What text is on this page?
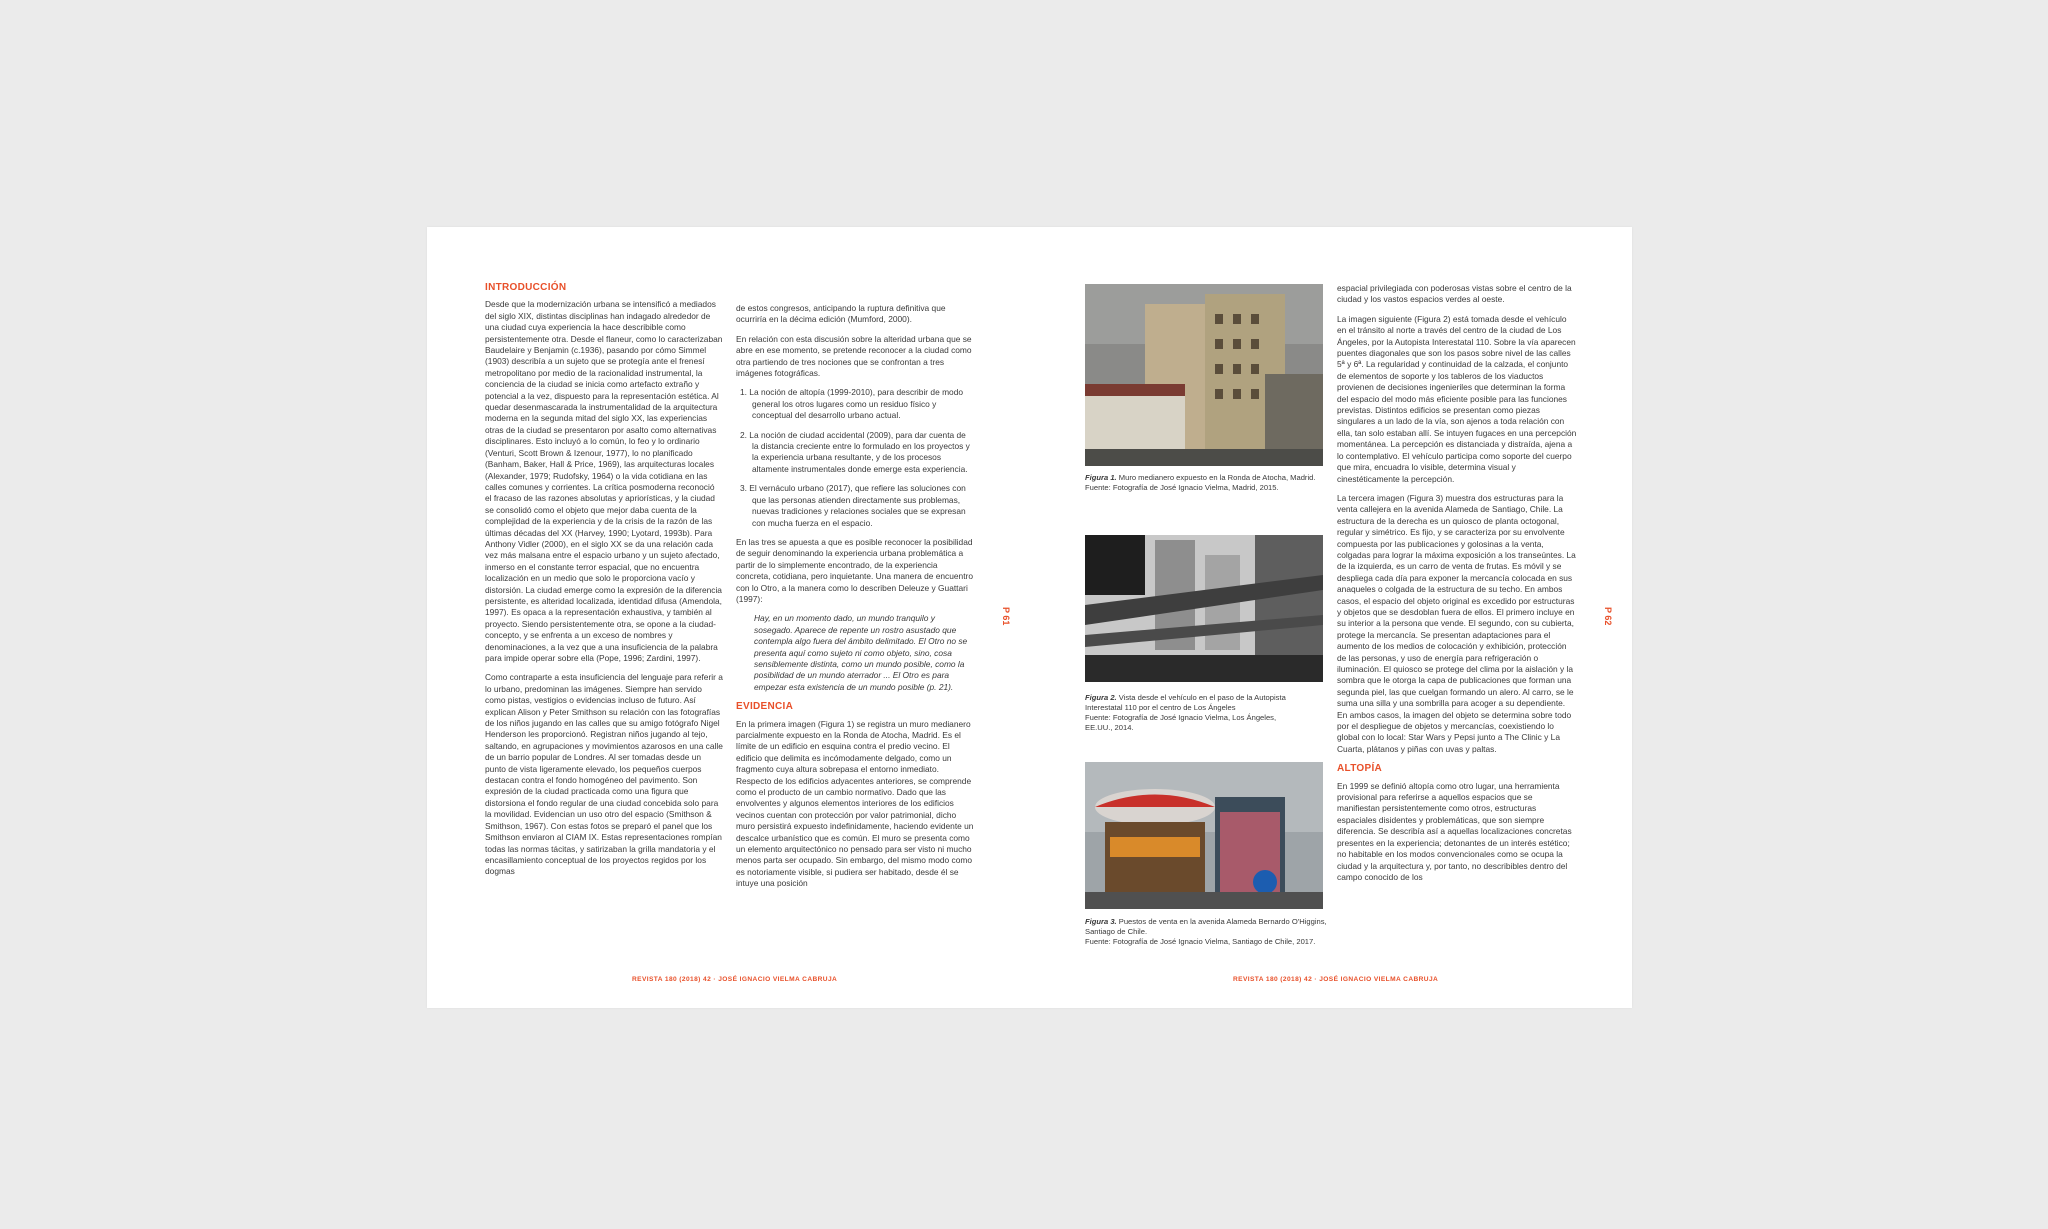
INTRODUCCIÓN

Desde que la modernización urbana se intensificó a mediados del siglo XIX, distintas disciplinas han indagado alrededor de una ciudad cuya experiencia la hace describible como persistentemente otra. Desde el flaneur, como lo caracterizaban Baudelaire y Benjamin (c.1936), pasando por cómo Simmel (1903) describía a un sujeto que se protegía ante el frenesí metropolitano por medio de la racionalidad instrumental, la conciencia de la ciudad se inicia como artefacto extraño y potencial a la vez, dispuesto para la representación estética. Al quedar desenmascarada la instrumentalidad de la arquitectura moderna en la segunda mitad del siglo XX, las experiencias otras de la ciudad se presentaron por asalto como alternativas disciplinares. Esto incluyó a lo común, lo feo y lo ordinario (Venturi, Scott Brown & Izenour, 1977), lo no planificado (Banham, Baker, Hall & Price, 1969), las arquitecturas locales (Alexander, 1979; Rudofsky, 1964) o la vida cotidiana en las calles comunes y corrientes. La crítica posmoderna reconoció el fracaso de las razones absolutas y apriorísticas, y la ciudad se consolidó como el objeto que mejor daba cuenta de la complejidad de la experiencia y de la crisis de la razón de las últimas décadas del XX (Harvey, 1990; Lyotard, 1993b). Para Anthony Vidler (2000), en el siglo XX se da una relación cada vez más malsana entre el espacio urbano y un sujeto afectado, inmerso en el constante terror espacial, que no encuentra localización en un medio que solo le proporciona vacío y distorsión. La ciudad emerge como la expresión de la diferencia persistente, es alteridad localizada, identidad difusa (Amendola, 1997). Es opaca a la representación exhaustiva, y también al proyecto. Siendo persistentemente otra, se opone a la ciudad-concepto, y se enfrenta a un exceso de nombres y denominaciones, a la vez que a una insuficiencia de la palabra para impide operar sobre ella (Pope, 1996; Zardini, 1997).

Como contraparte a esta insuficiencia del lenguaje para referir a lo urbano, predominan las imágenes. Siempre han servido como pistas, vestigios o evidencias incluso de futuro. Así explican Alison y Peter Smithson su relación con las fotografías de los niños jugando en las calles que su amigo fotógrafo Nigel Henderson les proporcionó. Registran niños jugando al tejo, saltando, en agrupaciones y movimientos azarosos en una calle de un barrio popular de Londres. Al ser tomadas desde un punto de vista ligeramente elevado, los pequeños cuerpos destacan contra el fondo homogéneo del pavimento. Son expresión de la ciudad practicada como una figura que distorsiona el fondo regular de una ciudad concebida solo para la movilidad. Evidencian un uso otro del espacio (Smithson & Smithson, 1967). Con estas fotos se preparó el panel que los Smithson enviaron al CIAM IX. Estas representaciones rompían todas las normas tácitas, y satirizaban la grilla mandatoria y el encasillamiento conceptual de los proyectos regidos por los dogmas

de estos congresos, anticipando la ruptura definitiva que ocurriría en la décima edición (Mumford, 2000).

En relación con esta discusión sobre la alteridad urbana que se abre en ese momento, se pretende reconocer a la ciudad como otra partiendo de tres nociones que se confrontan a tres imágenes fotográficas.

1. La noción de altopía (1999-2010), para describir de modo general los otros lugares como un residuo físico y conceptual del desarrollo urbano actual.

2. La noción de ciudad accidental (2009), para dar cuenta de la distancia creciente entre lo formulado en los proyectos y la experiencia urbana resultante, y de los procesos altamente instrumentales donde emerge esta experiencia.

3. El vernáculo urbano (2017), que refiere las soluciones con que las personas atienden directamente sus problemas, nuevas tradiciones y relaciones sociales que se expresan con mucha fuerza en el espacio.

En las tres se apuesta a que es posible reconocer la posibilidad de seguir denominando la experiencia urbana problemática a partir de lo simplemente encontrado, de la experiencia concreta, cotidiana, pero inquietante. Una manera de encuentro con lo Otro, a la manera como lo describen Deleuze y Guattari (1997):

Hay, en un momento dado, un mundo tranquilo y sosegado. Aparece de repente un rostro asustado que contempla algo fuera del ámbito delimitado. El Otro no se presenta aquí como sujeto ni como objeto, sino, cosa sensiblemente distinta, como un mundo posible, como la posibilidad de un mundo aterrador ... El Otro es para empezar esta existencia de un mundo posible (p. 21).

EVIDENCIA

En la primera imagen (Figura 1) se registra un muro medianero parcialmente expuesto en la Ronda de Atocha, Madrid. Es el límite de un edificio en esquina contra el predio vecino. El edificio que delimita es incómodamente delgado, como un fragmento cuya altura sobrepasa el entorno inmediato. Respecto de los edificios adyacentes anteriores, se comprende como el producto de un cambio normativo. Dado que las envolventes y algunos elementos interiores de los edificios vecinos cuentan con protección por valor patrimonial, dicho muro persistirá expuesto indefinidamente, haciendo evidente un descalce urbanístico que es común. El muro se presenta como un elemento arquitectónico no pensado para ser visto ni mucho menos parta ser ocupado. Sin embargo, del mismo modo como es notoriamente visible, si pudiera ser habitado, desde él se intuye una posición

P 61
REVISTA 180 (2018) 42 · JOSÉ IGNACIO VIELMA CABRUJA
Figura 1. Muro medianero expuesto en la Ronda de Atocha, Madrid.
Fuente: Fotografía de José Ignacio Vielma, Madrid, 2015.
Figura 2. Vista desde el vehículo en el paso de la Autopista Interestatal 110 por el centro de Los Ángeles
Fuente: Fotografía de José Ignacio Vielma, Los Ángeles, EE.UU., 2014.
Figura 3. Puestos de venta en la avenida Alameda Bernardo O'Higgins, Santiago de Chile.
Fuente: Fotografía de José Ignacio Vielma, Santiago de Chile, 2017.

espacial privilegiada con poderosas vistas sobre el centro de la ciudad y los vastos espacios verdes al oeste.

La imagen siguiente (Figura 2) está tomada desde el vehículo en el tránsito al norte a través del centro de la ciudad de Los Ángeles, por la Autopista Interestatal 110. Sobre la vía aparecen puentes diagonales que son los pasos sobre nivel de las calles 5ª y 6ª. La regularidad y continuidad de la calzada, el conjunto de elementos de soporte y los tableros de los viaductos provienen de decisiones ingenieriles que determinan la forma del espacio del modo más eficiente posible para las funciones previstas. Distintos edificios se presentan como piezas singulares a un lado de la vía, son ajenos a toda relación con ella, tan solo estaban allí. Se intuyen fugaces en una percepción momentánea. La percepción es distanciada y distraída, ajena a lo contemplativo. El vehículo participa como soporte del cuerpo que mira, encuadra lo visible, determina visual y cinestéticamente la percepción.

La tercera imagen (Figura 3) muestra dos estructuras para la venta callejera en la avenida Alameda de Santiago, Chile. La estructura de la derecha es un quiosco de planta octogonal, regular y simétrico. Es fijo, y se caracteriza por su envolvente compuesta por las publicaciones y golosinas a la venta, colgadas para lograr la máxima exposición a los transeúntes. La de la izquierda, es un carro de venta de frutas. Es móvil y se despliega cada día para exponer la mercancía colocada en sus anaqueles o colgada de la estructura de su techo. En ambos casos, el espacio del objeto original es excedido por estructuras y objetos que se desdoblan fuera de ellos. El primero incluye en su interior a la persona que vende. El segundo, con su cubierta, protege la mercancía. Se presentan adaptaciones para el aumento de los medios de colocación y exhibición, protección de las personas, y uso de energía para refrigeración o iluminación. El quiosco se protege del clima por la aislación y la sombra que le otorga la capa de publicaciones que forman una segunda piel, las que cuelgan formando un alero. Al carro, se le suma una silla y una sombrilla para acoger a su dependiente. En ambos casos, la imagen del objeto se determina sobre todo por el despliegue de objetos y mercancías, coexistiendo lo global con lo local: Star Wars y Pepsi junto a The Clinic y La Cuarta, plátanos y piñas con uvas y paltas.

ALTOPÍA

En 1999 se definió altopía como otro lugar, una herramienta provisional para referirse a aquellos espacios que se manifiestan persistentemente como otros, estructuras espaciales disidentes y problemáticas, que son siempre diferencia. Se describía así a aquellas localizaciones concretas presentes en la experiencia; detonantes de un interés estético; no habitable en los modos convencionales como se ocupa la ciudad y la arquitectura y, por tanto, no describibles dentro del campo conocido de los

P 62
REVISTA 180 (2018) 42 · JOSÉ IGNACIO VIELMA CABRUJA
